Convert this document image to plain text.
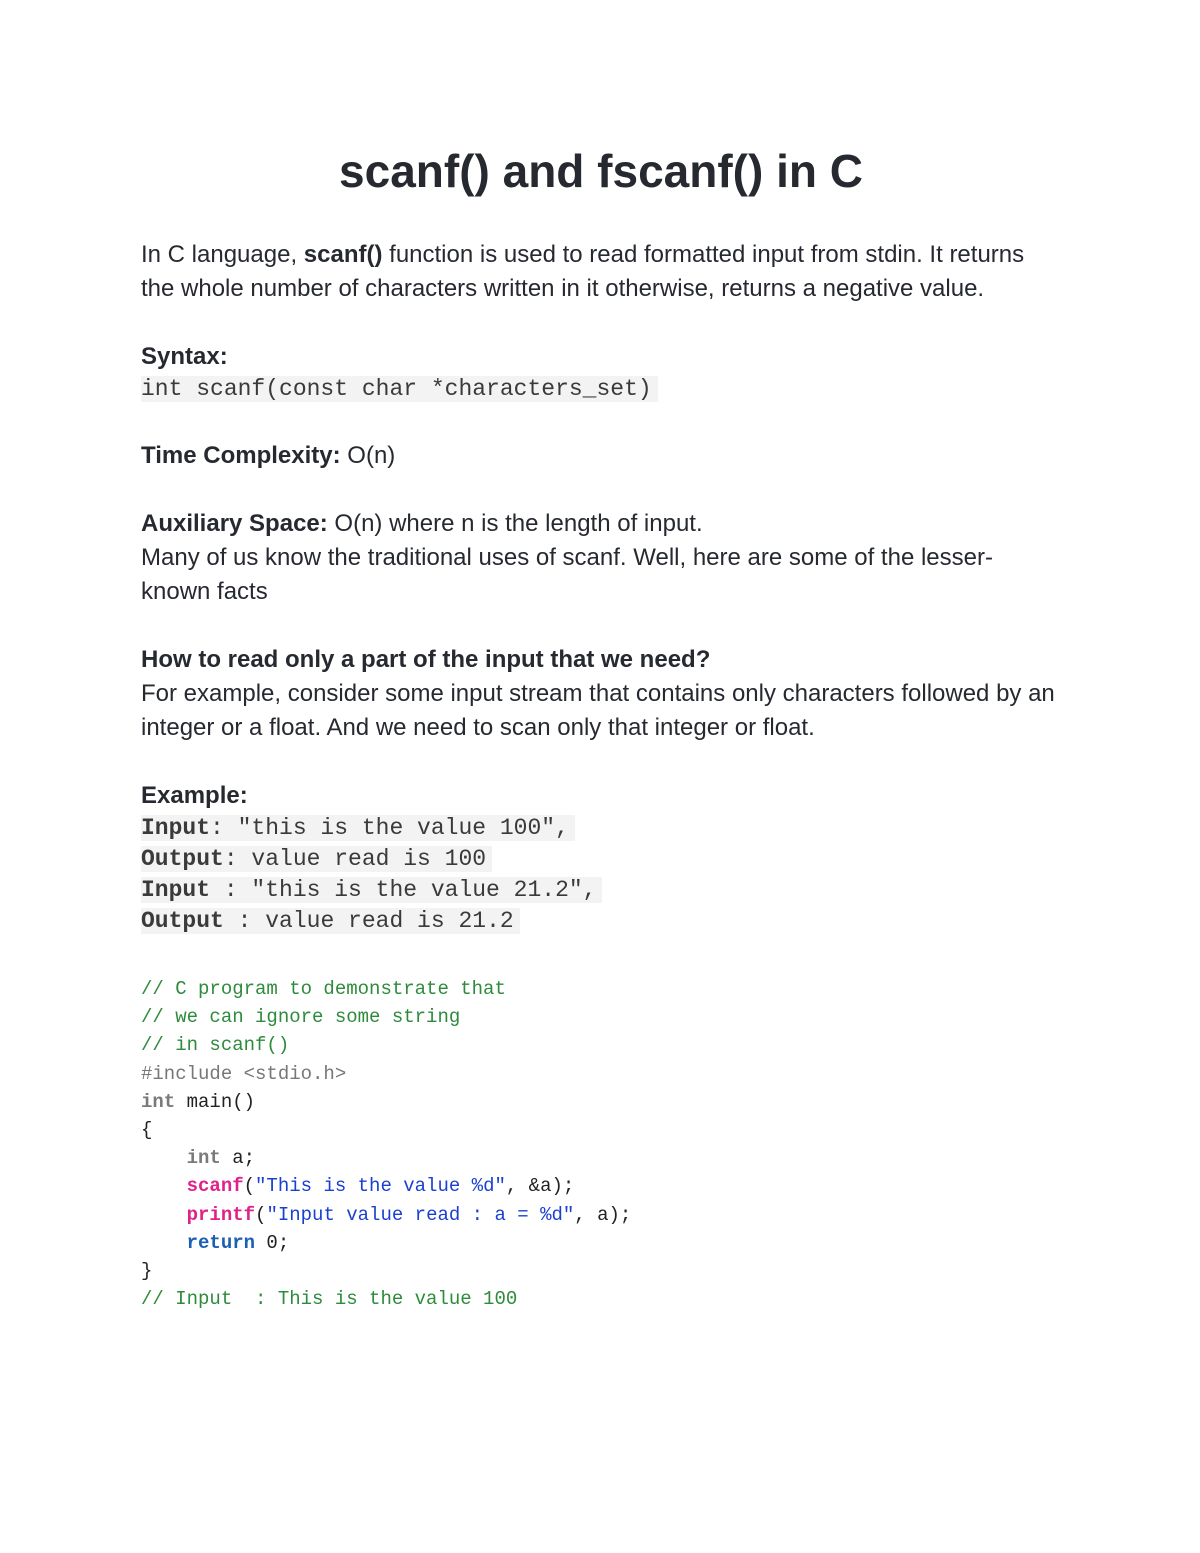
scanf() and fscanf() in C

In C language, scanf() function is used to read formatted input from stdin. It returns the whole number of characters written in it otherwise, returns a negative value.

Syntax:

int scanf(const char *characters_set)

Time Complexity: O(n)

Auxiliary Space: O(n) where n is the length of input.

Many of us know the traditional uses of scanf. Well, here are some of the lesser-known facts

How to read only a part of the input that we need?

For example, consider some input stream that contains only characters followed by an integer or a float. And we need to scan only that integer or float.

Example:

Input: "this is the value 100",
Output: value read is 100
Input : "this is the value 21.2",
Output : value read is 21.2
// C program to demonstrate that
// we can ignore some string
// in scanf()
#include <stdio.h>
int main()
{
int a;
scanf("This is the value %d", &a);
printf("Input value read : a = %d", a);
return 0;
}
// Input  : This is the value 100
